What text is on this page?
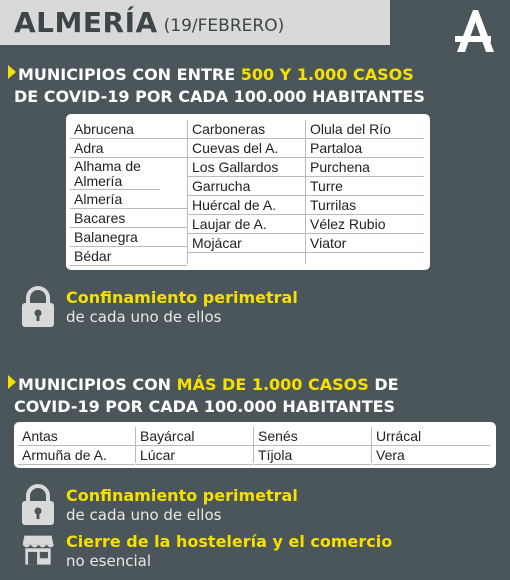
ALMERÍA (19/FEBRERO)
MUNICIPIOS CON ENTRE 500 Y 1.000 CASOS
DE COVID-19 POR CADA 100.000 HABITANTES
Abrucena
Adra
Alhama de Almería
Almería
Bacares
Balanegra
Bédar
Carboneras
Cuevas del A.
Los Gallardos
Garrucha
Huércal de A.
Laujar de A.
Mojácar
Olula del Río
Partaloa
Purchena
Turre
Turrilas
Vélez Rubio
Viator
Confinamiento perimetral
de cada uno de ellos
MUNICIPIOS CON MÁS DE 1.000 CASOS DE
COVID-19 POR CADA 100.000 HABITANTES
Antas
Armuña de A.
Bayárcal
Lúcar
Senés
Tíjola
Urrácal
Vera
Confinamiento perimetral
de cada uno de ellos
Cierre de la hostelería y el comercio
no esencial
